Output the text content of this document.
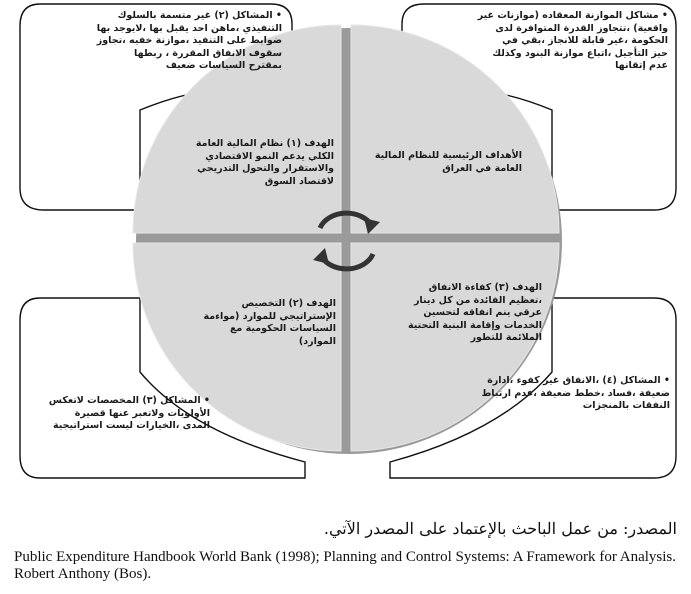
• المشاكل (٢) غير متسمة بالسلوك
التنفيذي ،ماهن احد يقبل بها ،لايوجد بها
ضوابط على التنفيذ ،موازنة خفيه ،تجاوز
سقوف الانفاق المقررة ، ربطها
بمقترح السياسات ضعيف
• مشاكل الموازنة المعقاده (موازنات غير
واقعية) ،تتجاوز القدرة المتوافرة لدى
الحكومة ،غير قابلة للانجاز ،بقي في
حيز التأجيل ،اتباع موازنة البنود وكذلك
عدم إتقانها
• المشاكل (٣) المخصصات لاتعكس
الأولويات ولاتعبر عنها قصيرة
المدى ،الخيارات ليست استراتيجية
• المشاكل (٤) ،الانفاق غير كفوء ،ادارة
ضعيفة ،فساد ،خطط ضعيفة ،عدم ارتباط
النفقات بالمنجزات
الهدف (١) نظام المالية العامة
الكلي يدعم النمو الاقتصادي
والاستقرار والتحول التدريجي
لاقتصاد السوق
الأهداف الرئيسية للنظام المالية
العامة في العراق
الهدف (٢) التخصيص
الإستراتيجي للموارد (مواءمة
السياسات الحكومية مع
الموارد)
الهدف (٣) كفاءة الانفاق
،تعظيم الفائدة من كل دينار
عرقي ينم انفاقه لتحسين
الخدمات وإقامة البنية التحتية
الملائمة للتطور
المصدر: من عمل الباحث بالإعتماد على المصدر الآتي.
Public Expenditure Handbook World Bank (1998); Planning and Control Systems: A Framework for Analysis. Robert Anthony (Bos).
